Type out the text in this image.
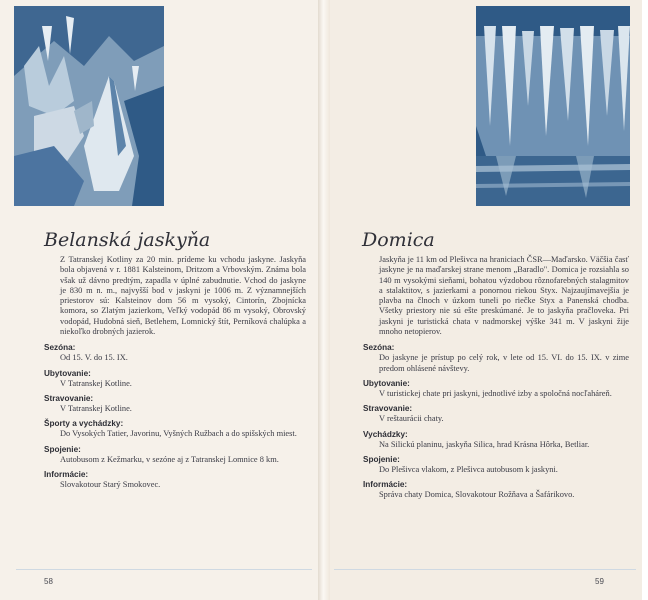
Belanská jaskyňa

Z Tatranskej Kotliny za 20 min. prídeme ku vchodu jaskyne. Jaskyňa bola objavená v r. 1881 Kalsteinom, Dritzom a Vrbovským. Známa bola však už dávno predtým, zapadla v úplné zabudnutie. Vchod do jaskyne je 830 m n. m., najvyšší bod v jaskyni je 1006 m. Z významnejších priestorov sú: Kalsteinov dom 56 m vysoký, Cintorín, Zbojnícka komora, so Zlatým jazierkom, Veľký vodopád 86 m vysoký, Obrovský vodopád, Hudobná sieň, Betlehem, Lomnický štít, Perníková chalúpka a niekoľko drobných jazierok.

Sezóna:
Od 15. V. do 15. IX.
Ubytovanie:
V Tatranskej Kotline.
Stravovanie:
V Tatranskej Kotline.
Športy a vychádzky:
Do Vysokých Tatier, Javorinu, Vyšných Ružbach a do spišských miest.
Spojenie:
Autobusom z Kežmarku, v sezóne aj z Tatranskej Lomnice 8 km.
Informácie:
Slovakotour Starý Smokovec.
58	59
Domica

Jaskyňa je 11 km od Plešivca na hraniciach ČSR—Maďarsko. Väčšia časť jaskyne je na maďarskej strane menom „Baradlo". Domica je rozsiahla so 140 m vysokými sieňami, bohatou výzdobou rôznofarebných stalagmitov a stalaktitov, s jazierkami a ponornou riekou Styx. Najzaujímavejšia je plavba na člnoch v úzkom tuneli po riečke Styx a Panenská chodba. Všetky priestory nie sú ešte preskúmané. Je to jaskyňa pračloveka. Pri jaskyni je turistická chata v nadmorskej výške 341 m. V jaskyni žije mnoho netopierov.

Sezóna:
Do jaskyne je prístup po celý rok, v lete od 15. VI. do 15. IX. v zime predom ohlásené návštevy.
Ubytovanie:
V turistickej chate pri jaskyni, jednotlivé izby a spoločná nocľaháreň.
Stravovanie:
V reštaurácii chaty.
Vychádzky:
Na Silickú planinu, jaskyňa Silica, hrad Krásna Hôrka, Betliar.
Spojenie:
Do Plešivca vlakom, z Plešivca autobusom k jaskyni.
Informácie:
Správa chaty Domica, Slovakotour Rožňava a Šafárikovo.
